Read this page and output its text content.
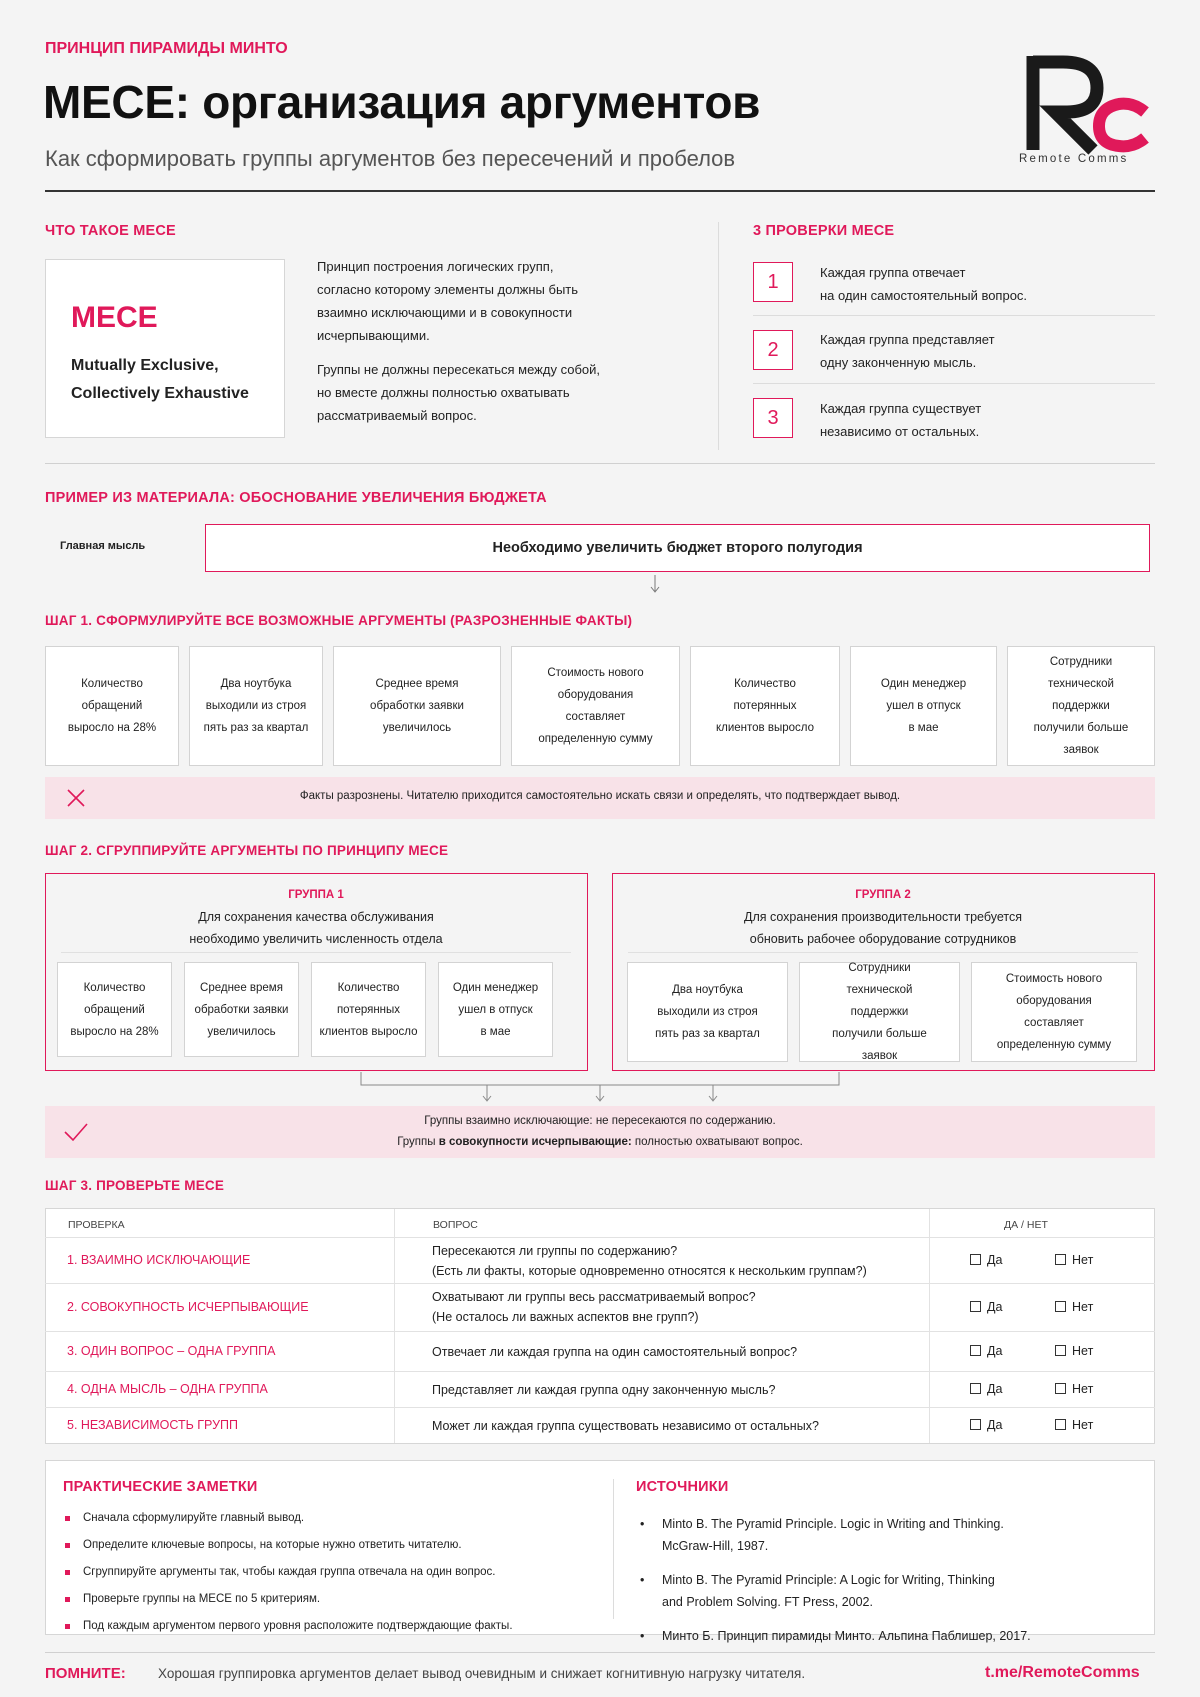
ПРИНЦИП ПИРАМИДЫ МИНТО
MECE: организация аргументов
Как сформировать группы аргументов без пересечений и пробелов	Remote Comms
ЧТО ТАКОЕ MECE
MECE
Mutually Exclusive,
Collectively Exhaustive
Принцип построения логических групп,
согласно которому элементы должны быть
взаимно исключающими и в совокупности
исчерпывающими.
Группы не должны пересекаться между собой,
но вместе должны полностью охватывать
рассматриваемый вопрос.
3 ПРОВЕРКИ MECE
1	Каждая группа отвечает
на один самостоятельный вопрос.
2	Каждая группа представляет
одну законченную мысль.
3	Каждая группа существует
независимо от остальных.
ПРИМЕР ИЗ МАТЕРИАЛА: ОБОСНОВАНИЕ УВЕЛИЧЕНИЯ БЮДЖЕТА
Главная мысль	Необходимо увеличить бюджет второго полугодия
ШАГ 1. СФОРМУЛИРУЙТЕ ВСЕ ВОЗМОЖНЫЕ АРГУМЕНТЫ (РАЗРОЗНЕННЫЕ ФАКТЫ)
Количество
обращений
выросло на 28%
Два ноутбука
выходили из строя
пять раз за квартал
Среднее время
обработки заявки
увеличилось
Стоимость нового
оборудования
составляет
определенную сумму
Количество
потерянных
клиентов выросло
Один менеджер
ушел в отпуск
в мае
Сотрудники
технической
поддержки
получили больше
заявок
Факты разрознены. Читателю приходится самостоятельно искать связи и определять, что подтверждает вывод.
ШАГ 2. СГРУППИРУЙТЕ АРГУМЕНТЫ ПО ПРИНЦИПУ MECE
ГРУППА 1
Для сохранения качества обслуживания
необходимо увеличить численность отдела
Количество
обращений
выросло на 28%
Среднее время
обработки заявки
увеличилось
Количество
потерянных
клиентов выросло
Один менеджер
ушел в отпуск
в мае
ГРУППА 2
Для сохранения производительности требуется
обновить рабочее оборудование сотрудников
Два ноутбука
выходили из строя
пять раз за квартал
Сотрудники
технической
поддержки
получили больше
заявок
Стоимость нового
оборудования
составляет
определенную сумму
Группы взаимно исключающие: не пересекаются по содержанию.
Группы в совокупности исчерпывающие: полностью охватывают вопрос.
ШАГ 3. ПРОВЕРЬТЕ MECE
ПРОВЕРКА	ВОПРОС	ДА / НЕТ
1. ВЗАИМНО ИСКЛЮЧАЮЩИЕ
Пересекаются ли группы по содержанию?
(Есть ли факты, которые одновременно относятся к нескольким группам?)
Да	Нет
2. СОВОКУПНОСТЬ ИСЧЕРПЫВАЮЩИЕ
Охватывают ли группы весь рассматриваемый вопрос?
(Не осталось ли важных аспектов вне групп?)
Да	Нет
3. ОДИН ВОПРОС – ОДНА ГРУППА	Отвечает ли каждая группа на один самостоятельный вопрос?	Да	Нет
4. ОДНА МЫСЛЬ – ОДНА ГРУППА	Представляет ли каждая группа одну законченную мысль?	Да	Нет
5. НЕЗАВИСИМОСТЬ ГРУПП	Может ли каждая группа существовать независимо от остальных?	Да	Нет
ПРАКТИЧЕСКИЕ ЗАМЕТКИ
Сначала сформулируйте главный вывод.
Определите ключевые вопросы, на которые нужно ответить читателю.
Сгруппируйте аргументы так, чтобы каждая группа отвечала на один вопрос.
Проверьте группы на MECE по 5 критериям.
Под каждым аргументом первого уровня расположите подтверждающие факты.
ИСТОЧНИКИ
• Minto B. The Pyramid Principle. Logic in Writing and Thinking.
McGraw-Hill, 1987.
• Minto B. The Pyramid Principle: A Logic for Writing, Thinking
and Problem Solving. FT Press, 2002.
• Минто Б. Принцип пирамиды Минто. Альпина Паблишер, 2017.
ПОМНИТЕ: Хорошая группировка аргументов делает вывод очевидным и снижает когнитивную нагрузку читателя.	t.me/RemoteComms
